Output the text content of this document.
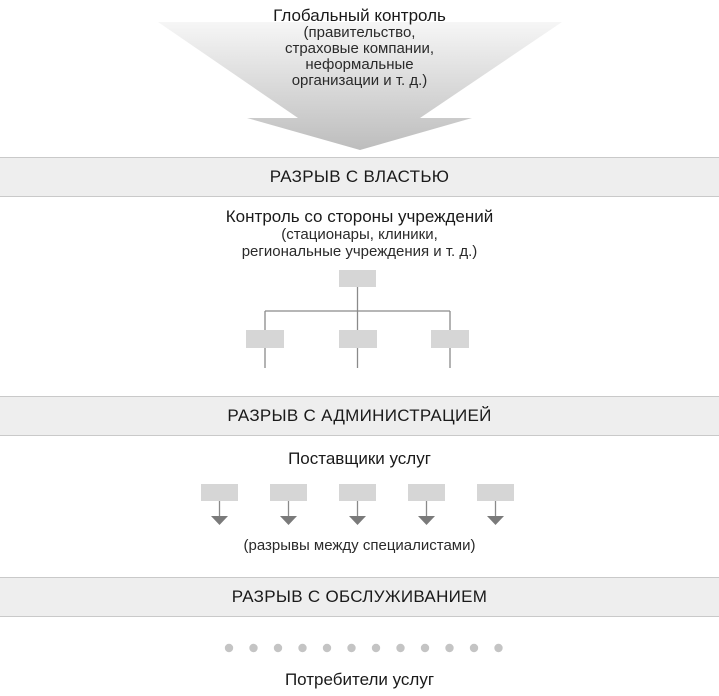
Глобальный контроль
(правительство,
страховые компании,
неформальные
организации и т. д.)
РАЗРЫВ С ВЛАСТЬЮ
Контроль со стороны учреждений
(стационары, клиники,
региональные учреждения и т. д.)
РАЗРЫВ С АДМИНИСТРАЦИЕЙ
Поставщики услуг
(разрывы между специалистами)
РАЗРЫВ С ОБСЛУЖИВАНИЕМ
Потребители услуг
